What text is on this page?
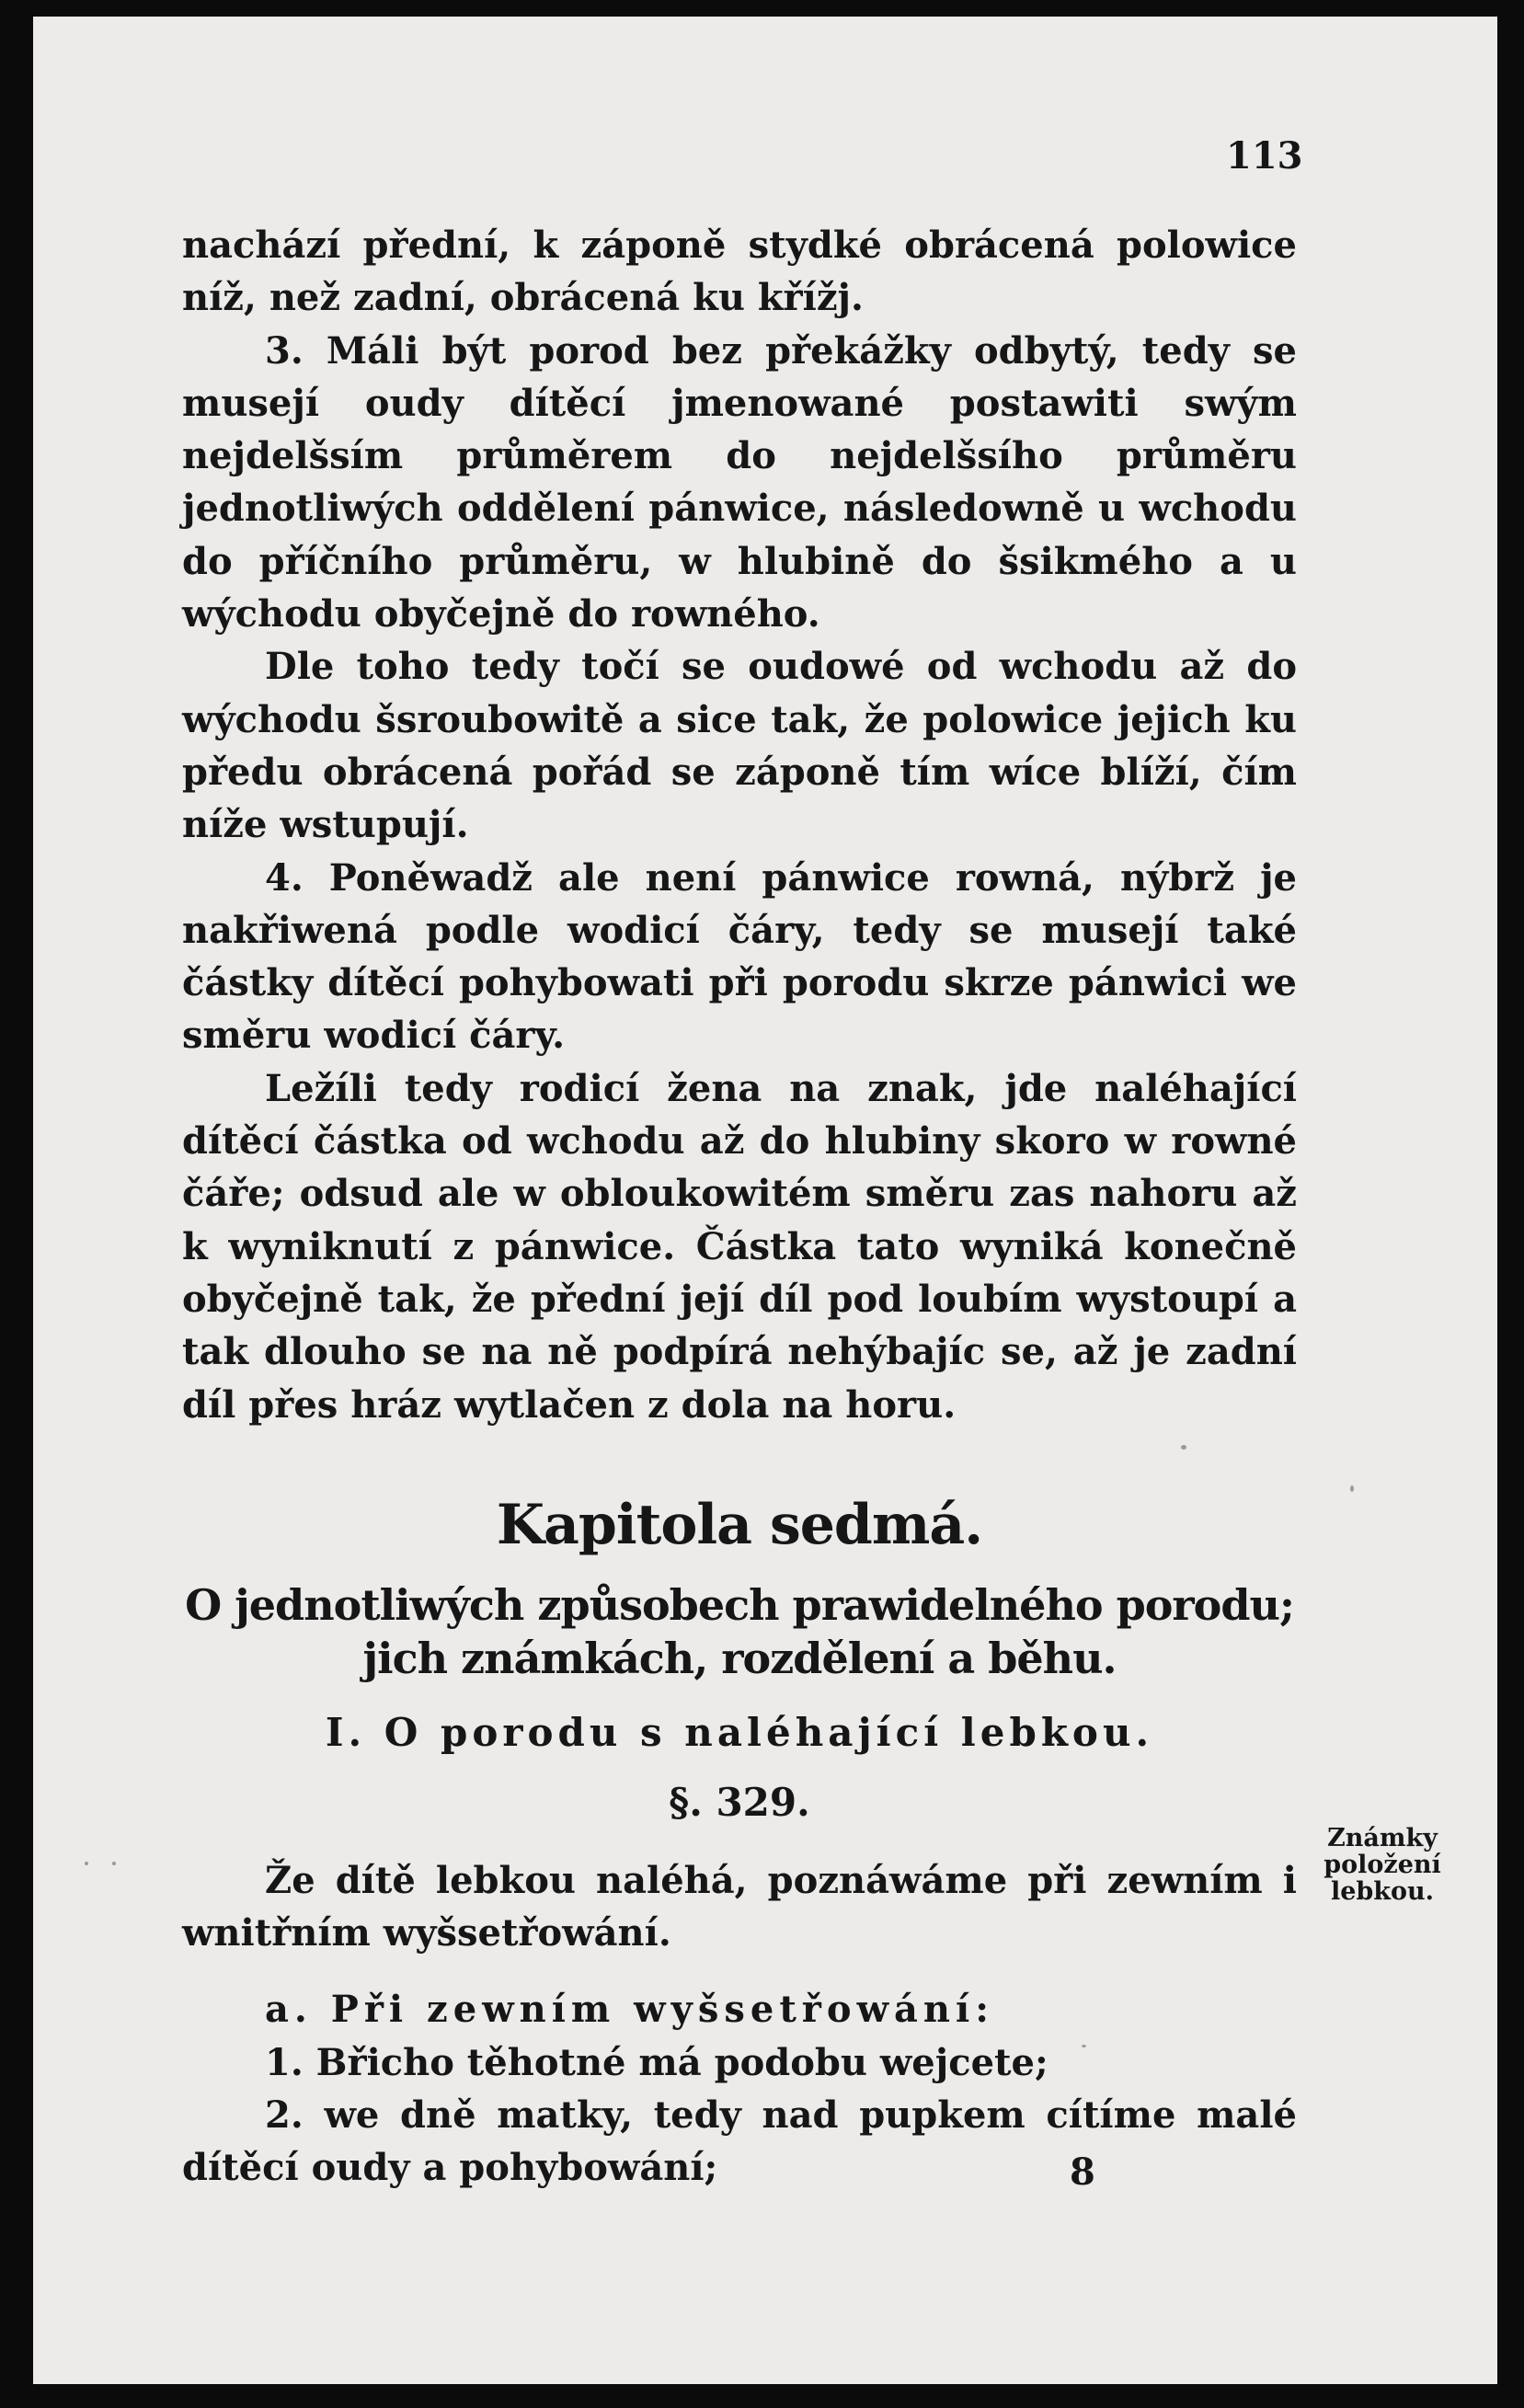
113

nachází přední, k záponě stydké obrácená polowice níž, než zadní, obrácená ku křížj.

3. Máli být porod bez překážky odbytý, tedy se musejí oudy dítěcí jmenowané postawiti swým nejdelšsím průměrem do nejdelšsího průměru jednotliwých oddělení pánwice, následowně u wchodu do příčního průměru, w hlubině do šsikmého a u wýchodu obyčejně do rowného.

Dle toho tedy točí se oudowé od wchodu až do wýchodu šsroubowitě a sice tak, že polowice jejich ku předu obrácená pořád se záponě tím wíce blíží, čím níže wstupují.

4. Poněwadž ale není pánwice rowná, nýbrž je nakřiwená podle wodicí čáry, tedy se musejí také částky dítěcí pohybowati při porodu skrze pánwici we směru wodicí čáry.

Ležíli tedy rodicí žena na znak, jde naléhající dítěcí částka od wchodu až do hlubiny skoro w rowné čáře; odsud ale w obloukowitém směru zas nahoru až k wyniknutí z pánwice. Částka tato wyniká konečně obyčejně tak, že přední její díl pod loubím wystoupí a tak dlouho se na ně podpírá nehýbajíc se, až je zadní díl přes hráz wytlačen z dola na horu.

Kapitola sedmá.
O jednotliwých způsobech prawidelného porodu; jich známkách, rozdělení a běhu.
I. O porodu s naléhající lebkou.
§. 329.

Že dítě lebkou naléhá, poznáwáme při zewním i wnitřním wyšsetřowání.

a. Při zewním wyšsetřowání:

1. Břicho těhotné má podobu wejcete;

2. we dně matky, tedy nad pupkem cítíme malé dítěcí oudy a pohybowání;

Známky položení lebkou.
8
